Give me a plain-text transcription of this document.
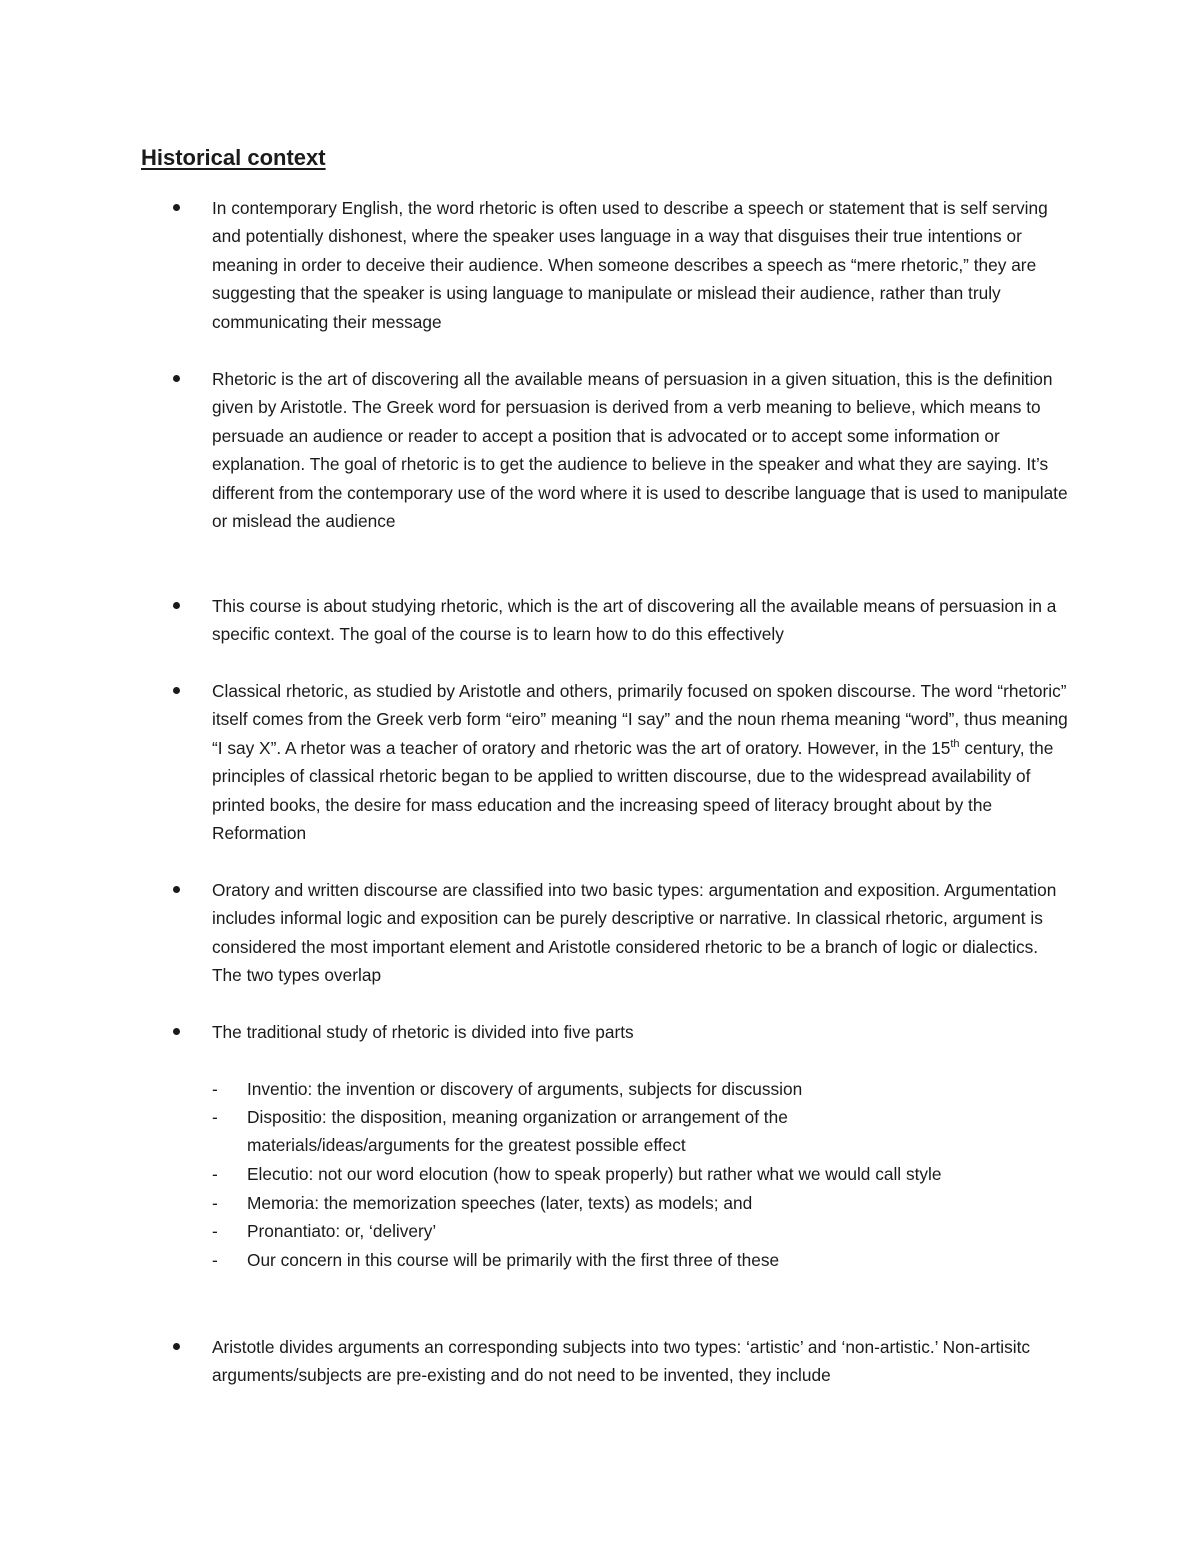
Historical context

In contemporary English, the word rhetoric is often used to describe a speech or statement that is self serving and potentially dishonest, where the speaker uses language in a way that disguises their true intentions or meaning in order to deceive their audience. When someone describes a speech as “mere rhetoric,” they are suggesting that the speaker is using language to manipulate or mislead their audience, rather than truly communicating their message

Rhetoric is the art of discovering all the available means of persuasion in a given situation, this is the definition given by Aristotle. The Greek word for persuasion is derived from a verb meaning to believe, which means to persuade an audience or reader to accept a position that is advocated or to accept some information or explanation. The goal of rhetoric is to get the audience to believe in the speaker and what they are saying. It’s different from the contemporary use of the word where it is used to describe language that is used to manipulate or mislead the audience

This course is about studying rhetoric, which is the art of discovering all the available means of persuasion in a specific context. The goal of the course is to learn how to do this effectively

Classical rhetoric, as studied by Aristotle and others, primarily focused on spoken discourse. The word “rhetoric” itself comes from the Greek verb form “eiro” meaning “I say” and the noun rhema meaning “word”, thus meaning “I say X”. A rhetor was a teacher of oratory and rhetoric was the art of oratory. However, in the 15th century, the principles of classical rhetoric began to be applied to written discourse, due to the widespread availability of printed books, the desire for mass education and the increasing speed of literacy brought about by the Reformation

Oratory and written discourse are classified into two basic types: argumentation and exposition. Argumentation includes informal logic and exposition can be purely descriptive or narrative. In classical rhetoric, argument is considered the most important element and Aristotle considered rhetoric to be a branch of logic or dialectics. The two types overlap

The traditional study of rhetoric is divided into five parts

- Inventio: the invention or discovery of arguments, subjects for discussion
- Dispositio: the disposition, meaning organization or arrangement of the materials/ideas/arguments for the greatest possible effect
- Elecutio: not our word elocution (how to speak properly) but rather what we would call style
- Memoria: the memorization speeches (later, texts) as models; and
- Pronantiato: or, ‘delivery’
- Our concern in this course will be primarily with the first three of these

Aristotle divides arguments an corresponding subjects into two types: ‘artistic’ and ‘non-artistic.’ Non-artisitc arguments/subjects are pre-existing and do not need to be invented, they include
